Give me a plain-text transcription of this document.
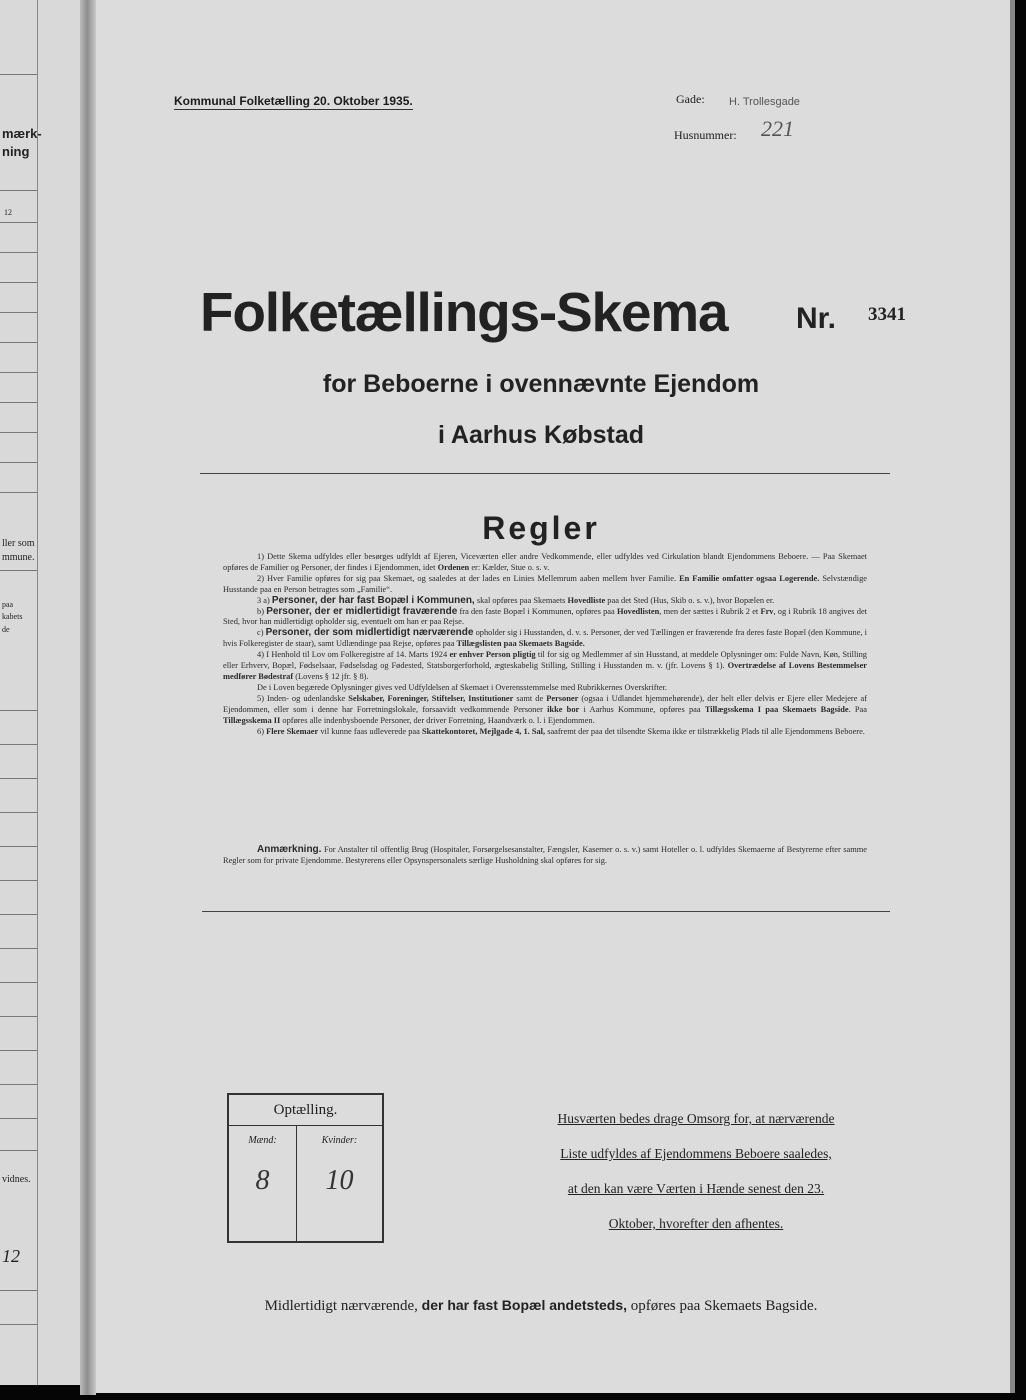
mærk-
ning
12
ller som
mmune.
paa
kabets
de
vidnes.
12
Kommunal Folketælling 20. Oktober 1935.	Gade: H. Trollesgade
Husnummer: 221
Folketællings-Skema Nr. 3341
for Beboerne i ovennævnte Ejendom
i Aarhus Købstad
Regler

1) Dette Skema udfyldes eller besørges udfyldt af Ejeren, Viceværten eller andre Vedkommende, eller udfyldes ved Cirkulation blandt Ejendommens Beboere. — Paa Skemaet opføres de Familier og Personer, der findes i Ejendommen, idet Ordenen er: Kælder, Stue o. s. v.

2) Hver Familie opføres for sig paa Skemaet, og saaledes at der lades en Linies Mellemrum aaben mellem hver Familie. En Familie omfatter ogsaa Logerende. Selvstændige Husstande paa en Person betragtes som „Familie“.

3 a) Personer, der har fast Bopæl i Kommunen, skal opføres paa Skemaets Hovedliste paa det Sted (Hus, Skib o. s. v.), hvor Bopælen er.

b) Personer, der er midlertidigt fraværende fra den faste Bopæl i Kommunen, opføres paa Hovedlisten, men der sættes i Rubrik 2 et Frv, og i Rubrik 18 angives det Sted, hvor han midlertidigt opholder sig, eventuelt om han er paa Rejse.

c) Personer, der som midlertidigt nærværende opholder sig i Husstanden, d. v. s. Personer, der ved Tællingen er fraværende fra deres faste Bopæl (den Kommune, i hvis Folkeregister de staar), samt Udlændinge paa Rejse, opføres paa Tillægslisten paa Skemaets Bagside.

4) I Henhold til Lov om Folkeregistre af 14. Marts 1924 er enhver Person pligtig til for sig og Medlemmer af sin Husstand, at meddele Oplysninger om: Fulde Navn, Køn, Stilling eller Erhverv, Bopæl, Fødselsaar, Fødselsdag og Fødested, Statsborgerforhold, ægteskabelig Stilling, Stilling i Husstanden m. v. (jfr. Lovens § 1). Overtrædelse af Lovens Bestemmelser medfører Bødestraf (Lovens § 12 jfr. § 8).

De i Loven begærede Oplysninger gives ved Udfyldelsen af Skemaet i Overensstemmelse med Rubrikkernes Overskrifter.

5) Inden- og udenlandske Selskaber, Foreninger, Stiftelser, Institutioner samt de Personer (ogsaa i Udlandet hjemmehørende), der helt eller delvis er Ejere eller Medejere af Ejendommen, eller som i denne har Forretningslokale, forsaavidt vedkommende Personer ikke bor i Aarhus Kommune, opføres paa Tillægsskema I paa Skemaets Bagside. Paa Tillægsskema II opføres alle indenbysboende Personer, der driver Forretning, Haandværk o. l. i Ejendommen.

6) Flere Skemaer vil kunne faas udleverede paa Skattekontoret, Mejlgade 4, 1. Sal, saafremt der paa det tilsendte Skema ikke er tilstrækkelig Plads til alle Ejendommens Beboere.

Anmærkning. For Anstalter til offentlig Brug (Hospitaler, Forsørgelsesanstalter, Fængsler, Kaserner o. s. v.) samt Hoteller o. l. udfyldes Skemaerne af Bestyrerne efter samme Regler som for private Ejendomme. Bestyrerens eller Opsynspersonalets særlige Husholdning skal opføres for sig.

Optælling.
Mænd:	Kvinder:
8	10
Husværten bedes drage Omsorg for, at nærværende
Liste udfyldes af Ejendommens Beboere saaledes,
at den kan være Værten i Hænde senest den 23.
Oktober, hvorefter den afhentes.
Midlertidigt nærværende, der har fast Bopæl andetsteds, opføres paa Skemaets Bagside.
